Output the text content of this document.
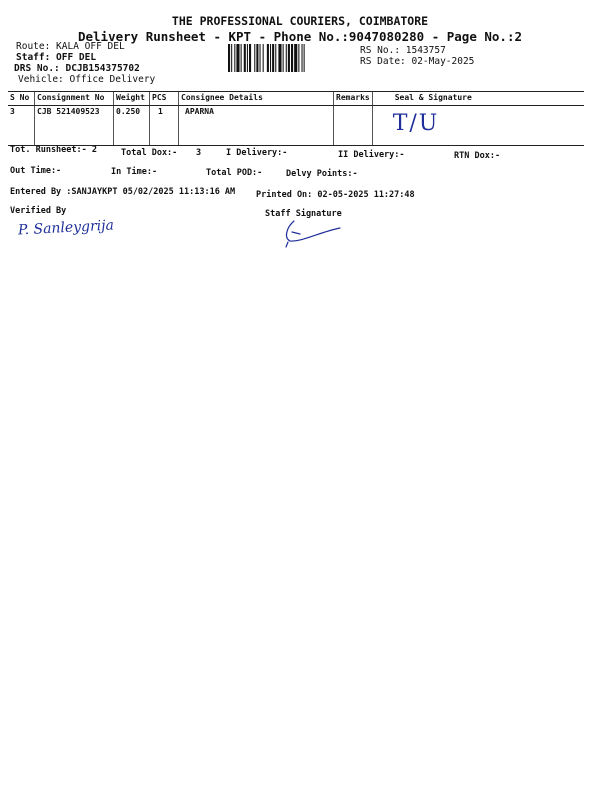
THE PROFESSIONAL COURIERS, COIMBATORE
Delivery Runsheet - KPT - Phone No.:9047080280 - Page No.:2
Route: KALA OFF DEL
Staff: OFF DEL
DRS No.: DCJB154375702
Vehicle: Office Delivery
RS No.: 1543757
RS Date: 02-May-2025
S No	Consignment No	Weight	PCS	Consignee Details	Remarks	Seal & Signature
3	CJB 521409523	0.250	1	APARNA		T/U
Tot. Runsheet:- 2	Total Dox:- 3	I Delivery:-	II Delivery:-	RTN Dox:-
Out Time:-	In Time:-	Total POD:-	Delvy Points:-
Entered By :SANJAYKPT 05/02/2025 11:13:16 AM Printed On: 02-05-2025 11:27:48
Verified By
P. Sanleygrija
Staff Signature
